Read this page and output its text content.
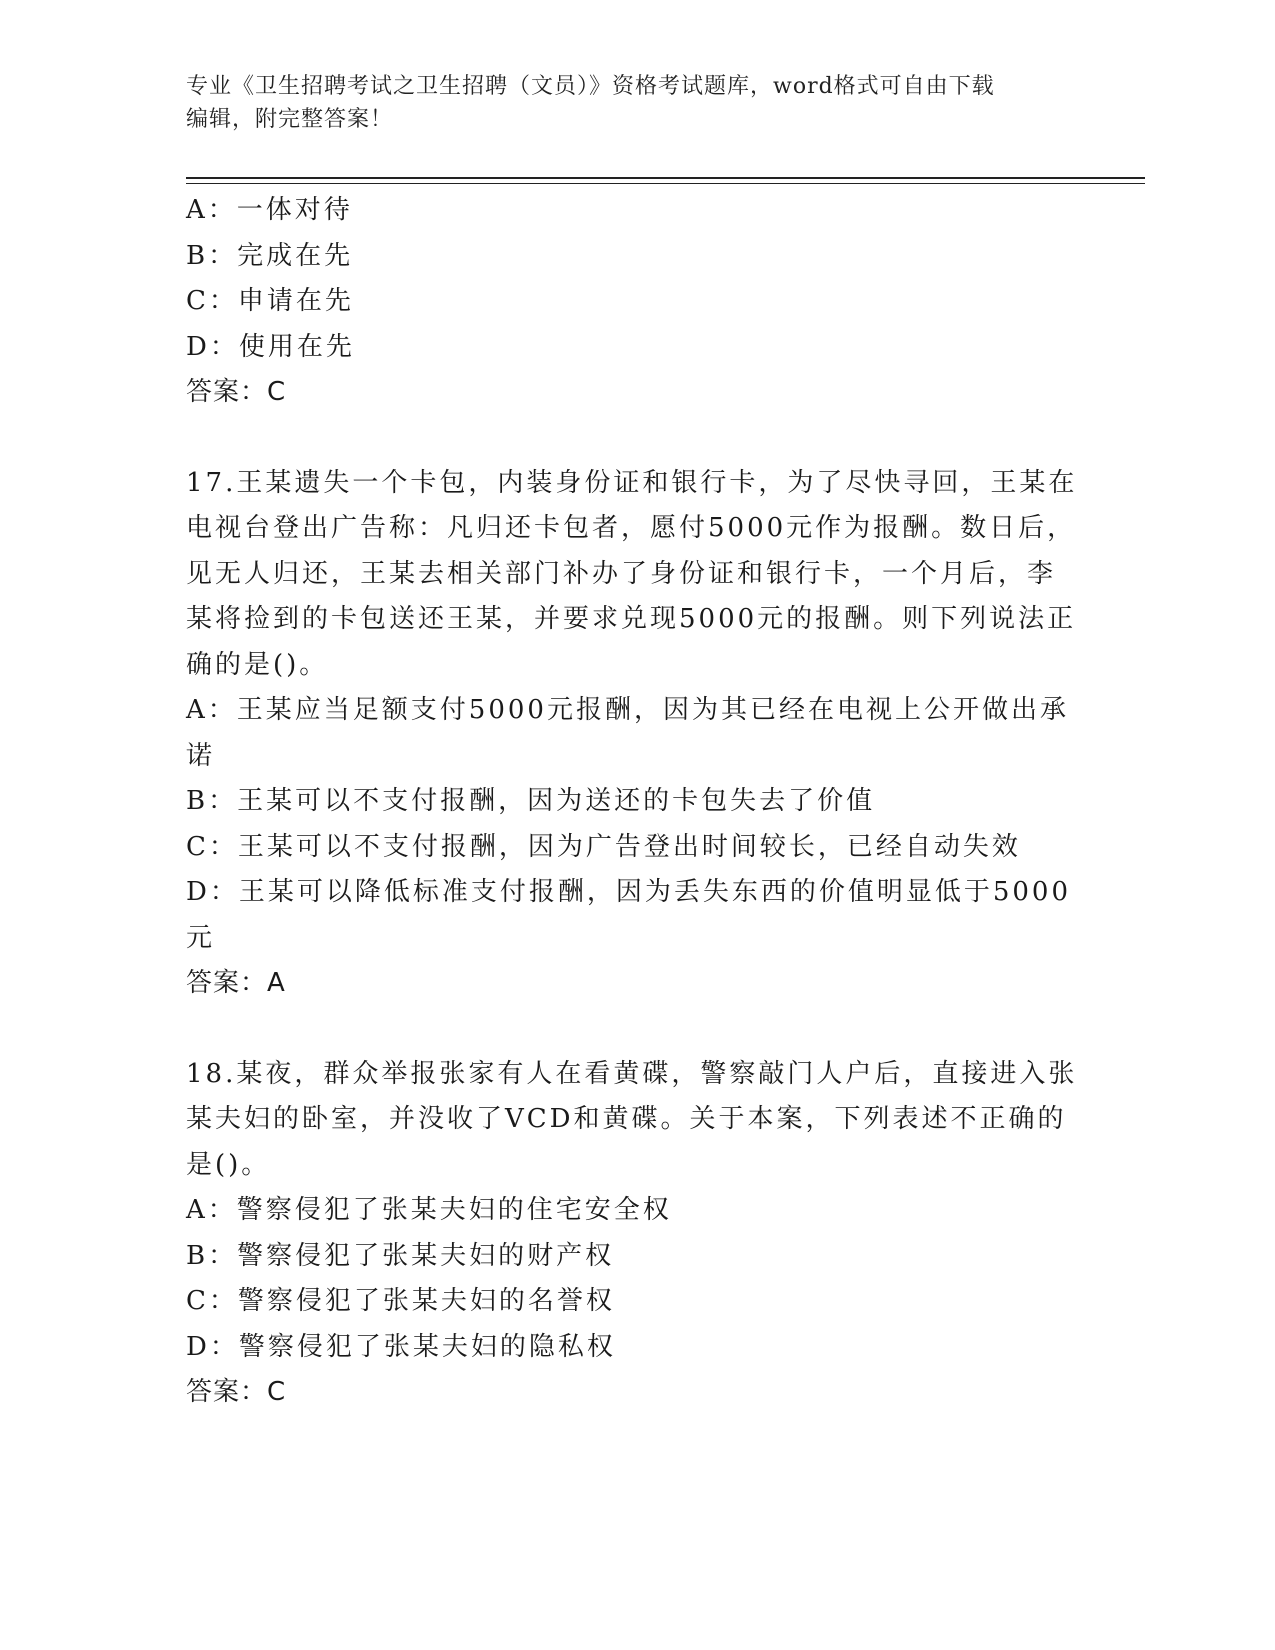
专业《卫生招聘考试之卫生招聘（文员）》资格考试题库，word格式可自由下载
编辑，附完整答案！
A：一体对待
B：完成在先
C：申请在先
D：使用在先
答案：C
17.王某遗失一个卡包，内装身份证和银行卡，为了尽快寻回，王某在
电视台登出广告称：凡归还卡包者，愿付5000元作为报酬。数日后，
见无人归还，王某去相关部门补办了身份证和银行卡，一个月后，李
某将捡到的卡包送还王某，并要求兑现5000元的报酬。则下列说法正
确的是()。
A：王某应当足额支付5000元报酬，因为其已经在电视上公开做出承
诺
B：王某可以不支付报酬，因为送还的卡包失去了价值
C：王某可以不支付报酬，因为广告登出时间较长，已经自动失效
D：王某可以降低标准支付报酬，因为丢失东西的价值明显低于5000
元
答案：A
18.某夜，群众举报张家有人在看黄碟，警察敲门人户后，直接进入张
某夫妇的卧室，并没收了VCD和黄碟。关于本案，下列表述不正确的
是()。
A：警察侵犯了张某夫妇的住宅安全权
B：警察侵犯了张某夫妇的财产权
C：警察侵犯了张某夫妇的名誉权
D：警察侵犯了张某夫妇的隐私权
答案：C
